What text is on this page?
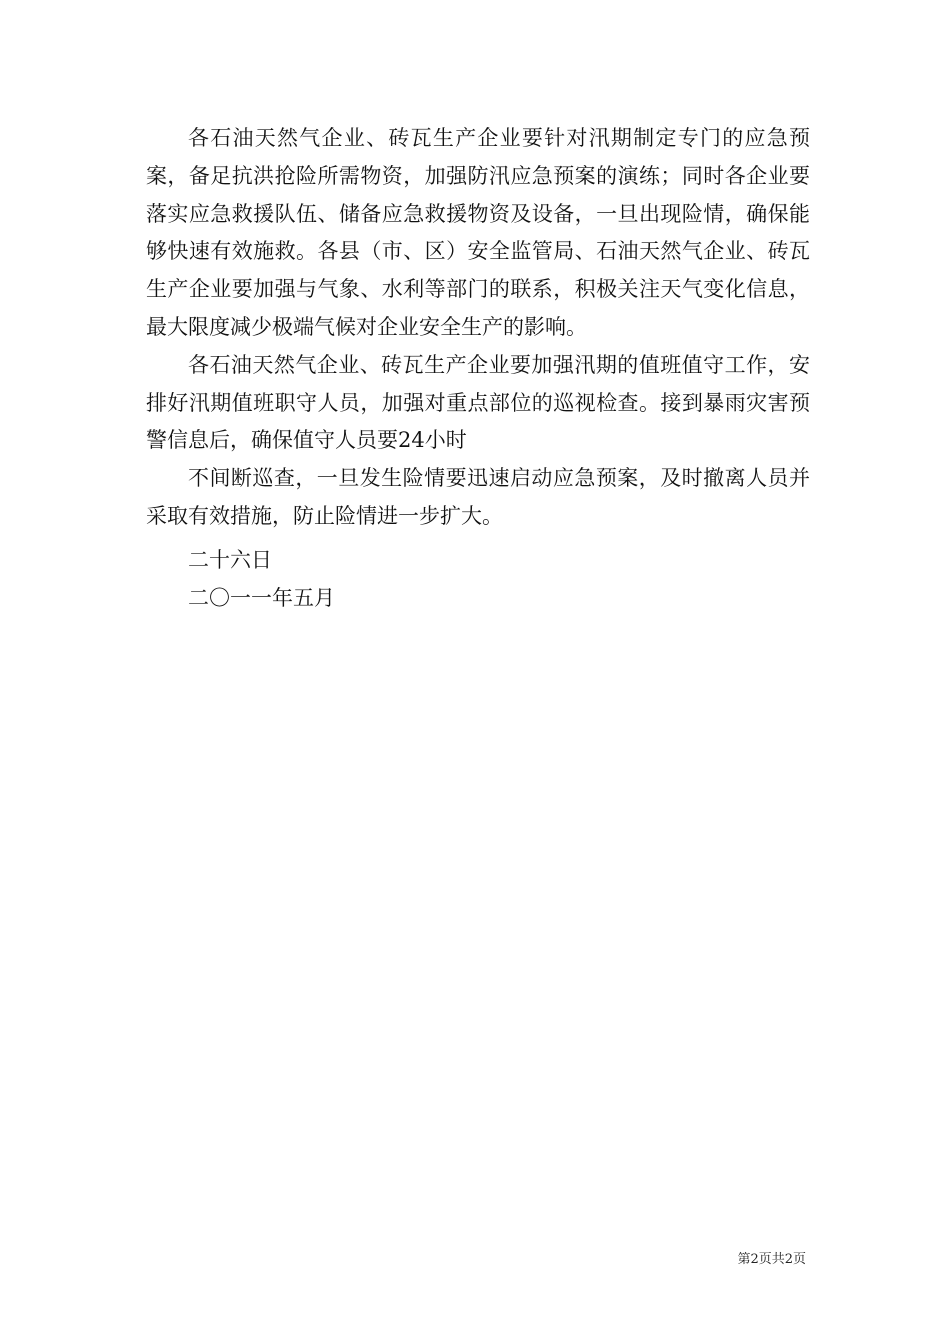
各石油天然气企业、砖瓦生产企业要针对汛期制定专门的应急预案，备足抗洪抢险所需物资，加强防汛应急预案的演练；同时各企业要落实应急救援队伍、储备应急救援物资及设备，一旦出现险情，确保能够快速有效施救。各县（市、区）安全监管局、石油天然气企业、砖瓦生产企业要加强与气象、水利等部门的联系，积极关注天气变化信息，最大限度减少极端气候对企业安全生产的影响。

各石油天然气企业、砖瓦生产企业要加强汛期的值班值守工作，安排好汛期值班职守人员，加强对重点部位的巡视检查。接到暴雨灾害预警信息后，确保值守人员要24小时

不间断巡查，一旦发生险情要迅速启动应急预案，及时撤离人员并采取有效措施，防止险情进一步扩大。

二十六日

二〇一一年五月

第2页共2页
